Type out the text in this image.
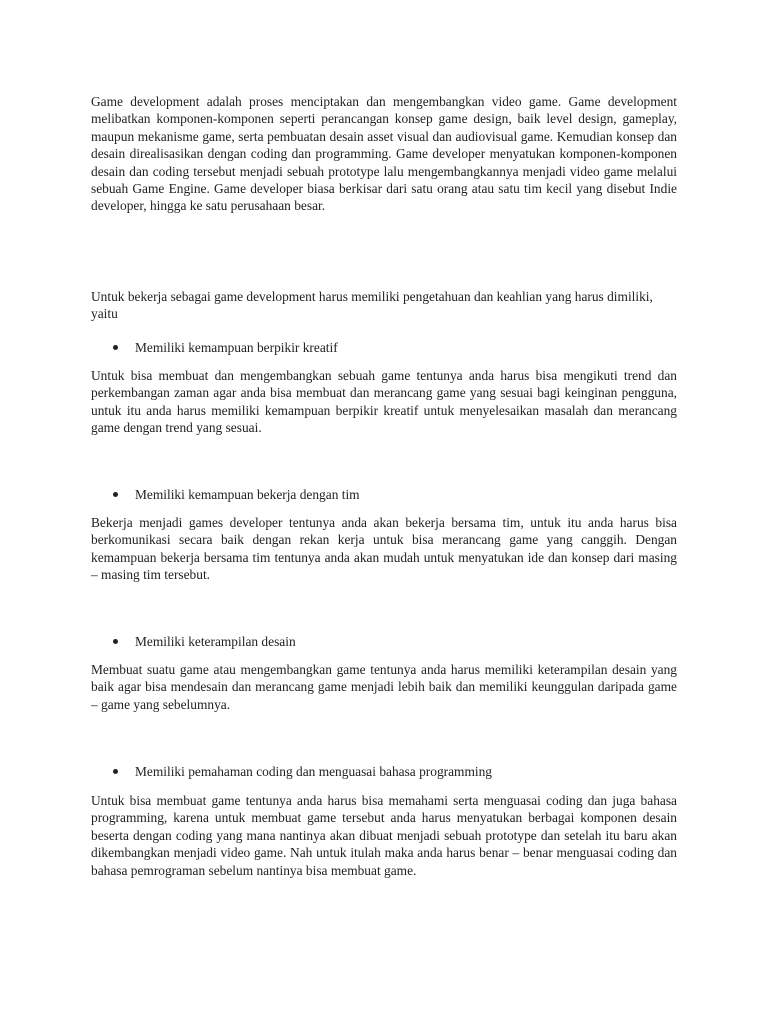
Game development adalah proses menciptakan dan mengembangkan video game. Game development melibatkan komponen-komponen seperti perancangan konsep game design, baik level design, gameplay, maupun mekanisme game, serta pembuatan desain asset visual dan audiovisual game. Kemudian konsep dan desain direalisasikan dengan coding dan programming. Game developer menyatukan komponen-komponen desain dan coding tersebut menjadi sebuah prototype lalu mengembangkannya menjadi video game melalui sebuah Game Engine. Game developer biasa berkisar dari satu orang atau satu tim kecil yang disebut Indie developer, hingga ke satu perusahaan besar.

Untuk bekerja sebagai game development harus memiliki pengetahuan dan keahlian yang harus dimiliki, yaitu

Memiliki kemampuan berpikir kreatif

Untuk bisa membuat dan mengembangkan sebuah game tentunya anda harus bisa mengikuti trend dan perkembangan zaman agar anda bisa membuat dan merancang game yang sesuai bagi keinginan pengguna, untuk itu anda harus memiliki kemampuan berpikir kreatif untuk menyelesaikan masalah dan merancang game dengan trend yang sesuai.

Memiliki kemampuan bekerja dengan tim

Bekerja menjadi games developer tentunya anda akan bekerja bersama tim, untuk itu anda harus bisa berkomunikasi secara baik dengan rekan kerja untuk bisa merancang game yang canggih. Dengan kemampuan bekerja bersama tim tentunya anda akan mudah untuk menyatukan ide dan konsep dari masing – masing tim tersebut.

Memiliki keterampilan desain

Membuat suatu game atau mengembangkan game tentunya anda harus memiliki keterampilan desain yang baik agar bisa mendesain dan merancang game menjadi lebih baik dan memiliki keunggulan daripada game – game yang sebelumnya.

Memiliki pemahaman coding dan menguasai bahasa programming

Untuk bisa membuat game tentunya anda harus bisa memahami serta menguasai coding dan juga bahasa programming, karena untuk membuat game tersebut anda harus menyatukan berbagai komponen desain beserta dengan coding yang mana nantinya akan dibuat menjadi sebuah prototype dan setelah itu baru akan dikembangkan menjadi video game. Nah untuk itulah maka anda harus benar – benar menguasai coding dan bahasa pemrograman sebelum nantinya bisa membuat game.
